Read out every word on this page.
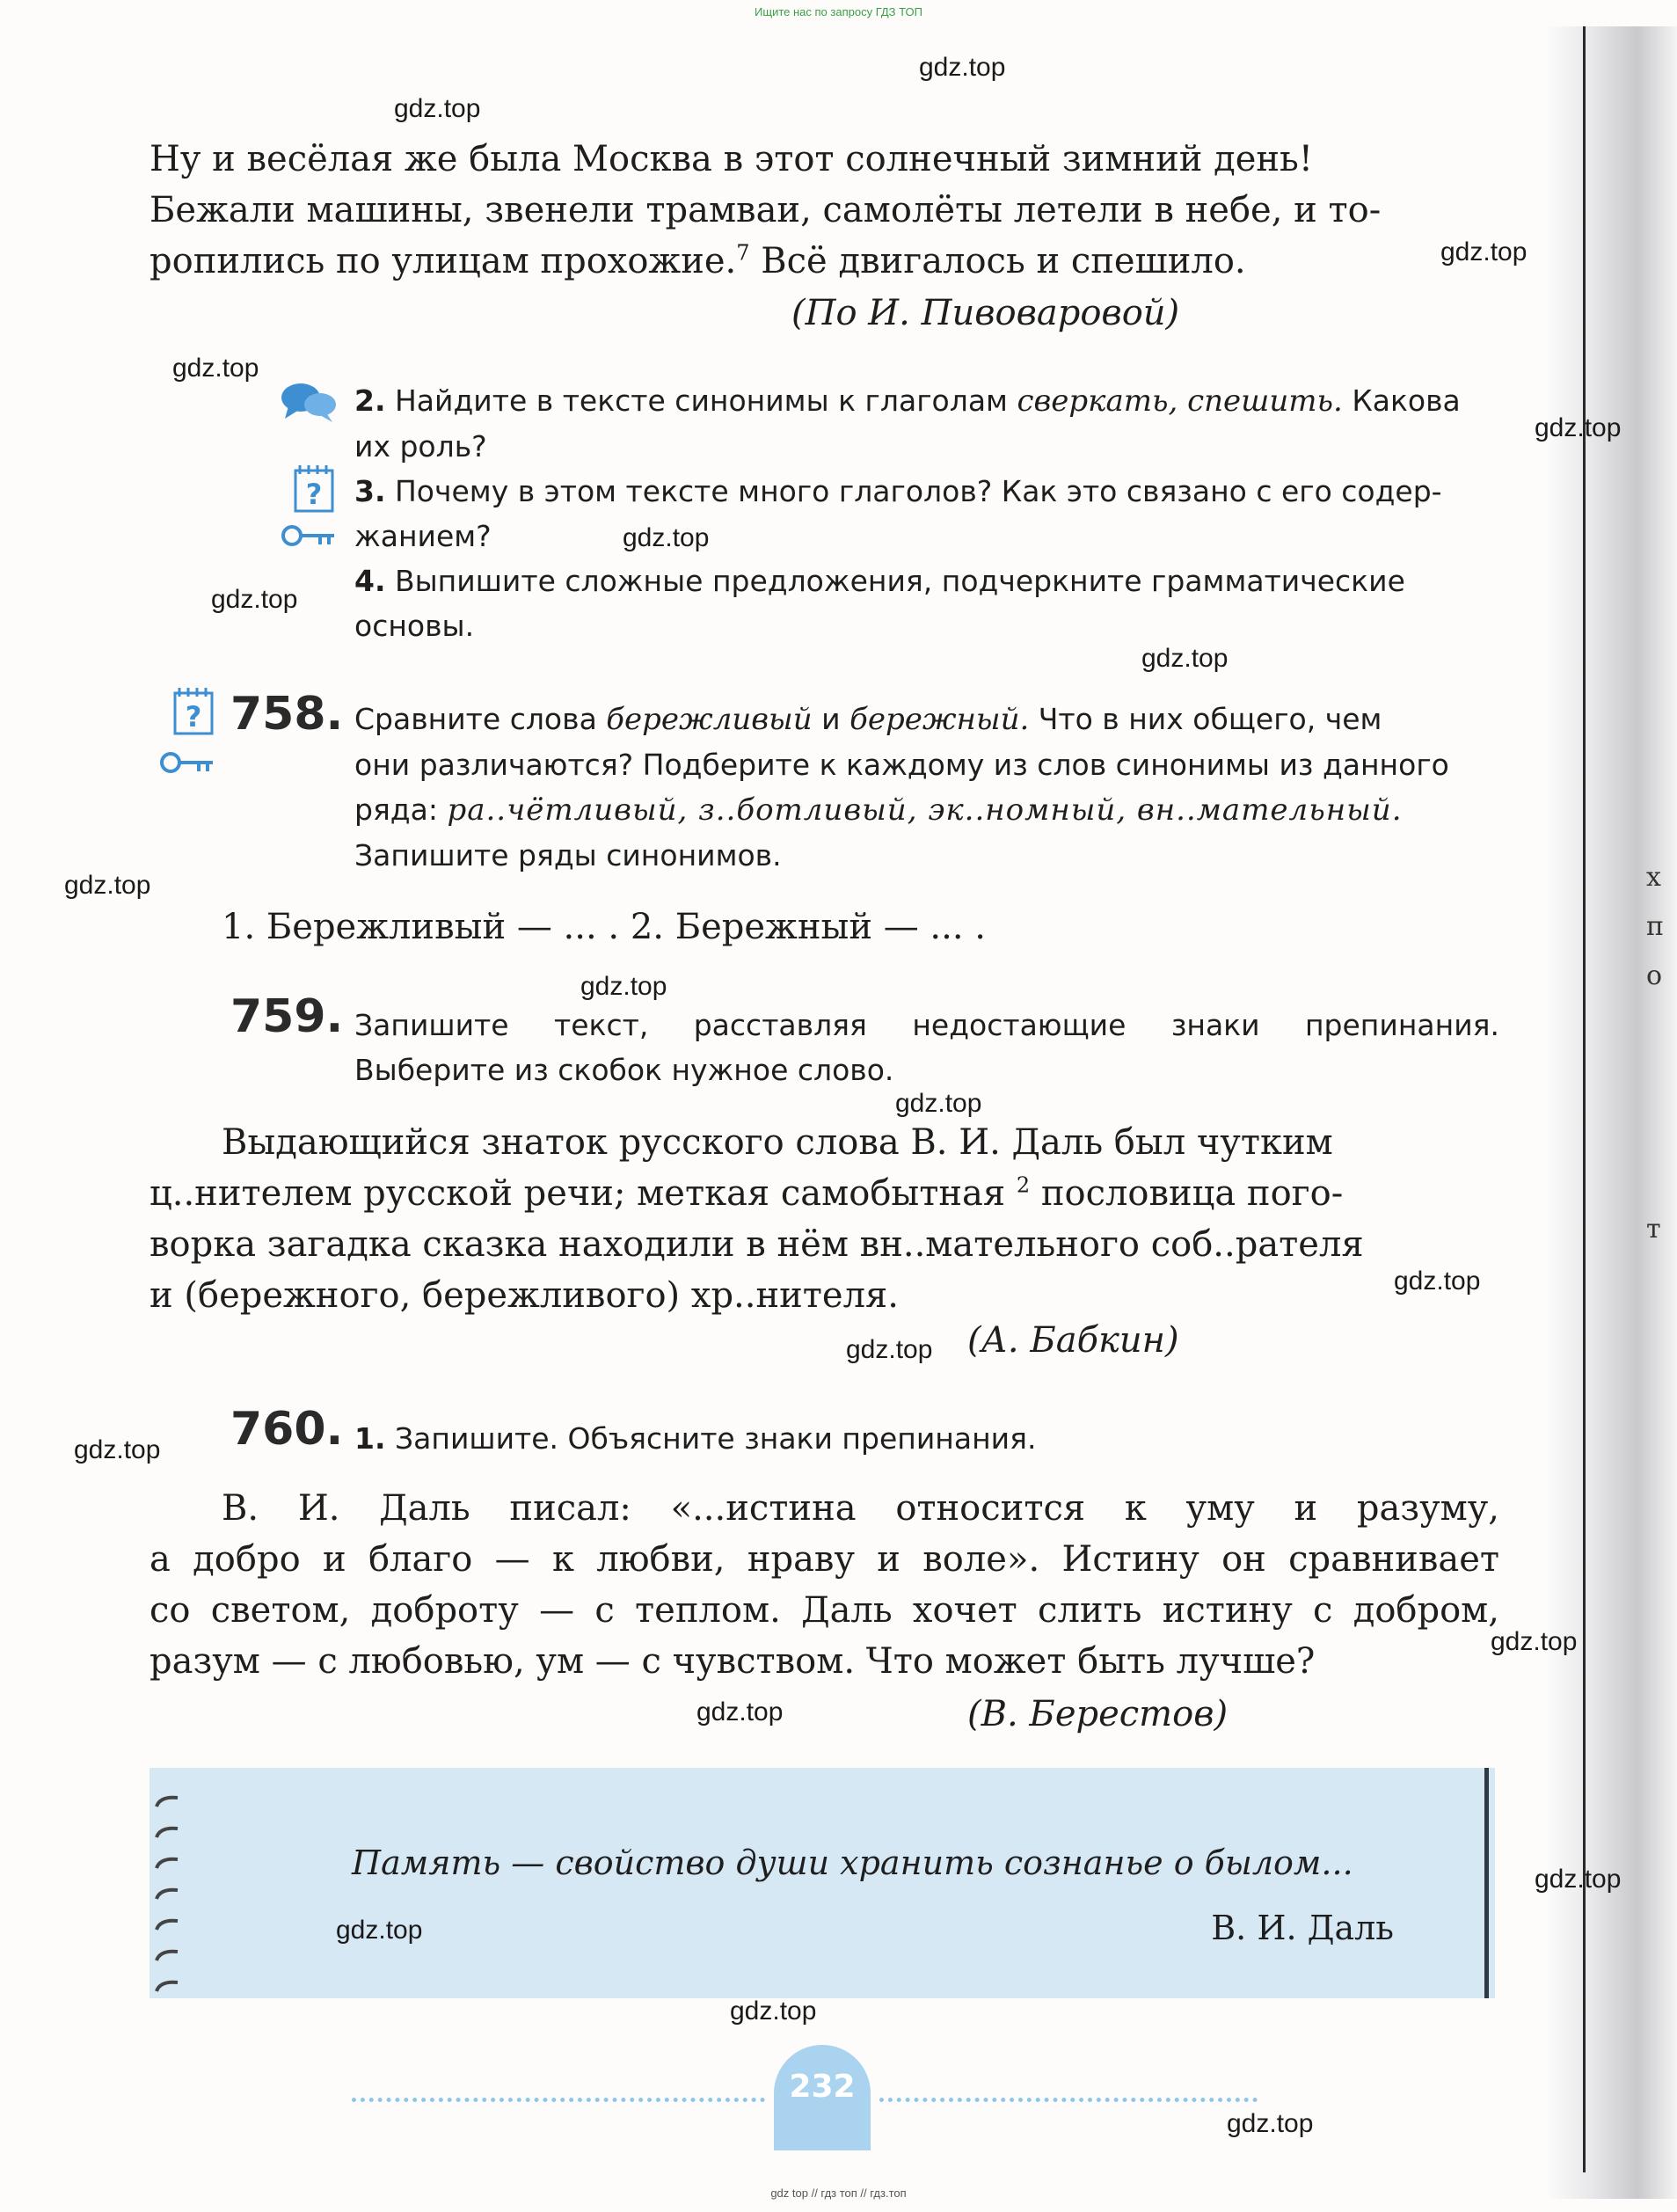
Ищите нас по запросу ГДЗ ТОП
х
п
о
т
Ну и весёлая же была Москва в этот солнечный зимний день!
Бежали машины, звенели трамваи, самолёты летели в небе, и то-
ропились по улицам прохожие.$^7$ Всё двигалось и спешило.
(По И. Пивоваровой)
?
2. Найдите в тексте синонимы к глаголам сверкать, спешить. Какова
их роль?
3. Почему в этом тексте много глаголов? Как это связано с его содер-
жанием?
4. Выпишите сложные предложения, подчеркните грамматические
основы.
? 758. Сравните слова бережливый и бережный. Что в них общего, чем
они различаются? Подберите к каждому из слов синонимы из данного
ряда: ра..чётливый, з..ботливый, эк..номный, вн..мательный.
Запишите ряды синонимов.
1. Бережливый — ... . 2. Бережный — ... .
759. Запишите текст, расставляя недостающие знаки препинания.
Выберите из скобок нужное слово.
Выдающийся знаток русского слова В. И. Даль был чутким
ц..нителем русской речи; меткая самобытная $^2$ пословица пого-
ворка загадка сказка находили в нём вн..мательного соб..рателя
и (бережного, бережливого) хр..нителя.
(А. Бабкин)
760. 1. Запишите. Объясните знаки препинания.
В. И. Даль писал: «...истина относится к уму и разуму,
а добро и благо — к любви, нраву и воле». Истину он сравнивает
со светом, доброту — с теплом. Даль хочет слить истину с добром,
разум — с любовью, ум — с чувством. Что может быть лучше?
(В. Берестов)
Память — свойство души хранить сознанье о былом...
В. И. Даль
232
gdz top // гдз топ // гдз.топ
gdz.top
gdz.top
gdz.top
gdz.top
gdz.top
gdz.top
gdz.top
gdz.top
gdz.top
gdz.top
gdz.top
gdz.top
gdz.top
gdz.top
gdz.top
gdz.top
gdz.top
gdz.top
gdz.top
gdz.top
